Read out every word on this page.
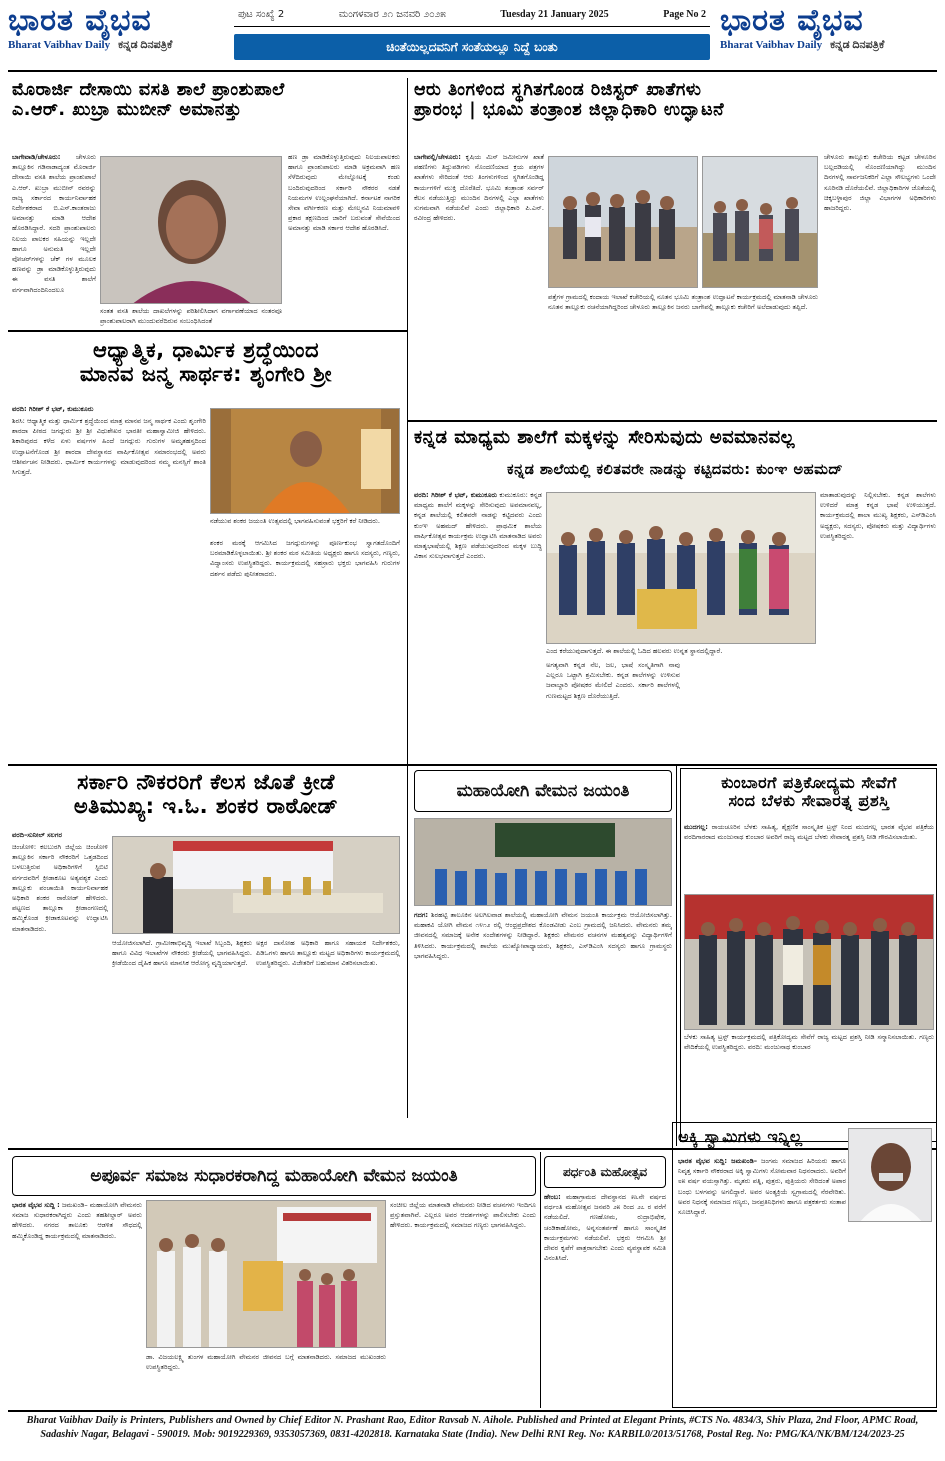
ಭಾರತ ವೈಭವ
Bharat Vaibhav Daily ಕನ್ನಡ ದಿನಪತ್ರಿಕೆ
ಪುಟ ಸಂಖ್ಯೆ 2	ಮಂಗಳವಾರ ೨೧ ಜನವರಿ ೨೦೨೫	Tuesday 21 January 2025	Page No 2
ಚಿಂತೆಯಿಲ್ಲದವನಿಗೆ ಸಂತೆಯಲ್ಲೂ ನಿದ್ದೆ ಬಂತು
ಭಾರತ ವೈಭವ
Bharat Vaibhav Daily ಕನ್ನಡ ದಿನಪತ್ರಿಕೆ
ಮೊರಾರ್ಜಿ ದೇಸಾಯಿ ವಸತಿ ಶಾಲೆ ಪ್ರಾಂಶುಪಾಲೆ
ಎ.ಆರ್. ಖುಬ್ರಾ ಮುಬೀನ್ ಅಮಾನತ್ತು
ಬಾಗೇವಾಡಿ/ಚೇಳೂರು: ಚೇಳೂರು ತಾಲ್ಲೂಕಿನ ಗಡಿನಾಡಾದ್ಯಂತ ಮೊರಾರ್ಜಿ ದೇಸಾಯಿ ವಸತಿ ಶಾಲೆಯ ಪ್ರಾಂಶುಪಾಲೆ ಎ.ಆರ್. ಖುಬ್ರಾ ಮುಬೀನ್ ರವರನ್ನು ರಾಜ್ಯ ಸರ್ಕಾರದ ಕಾರ್ಯನಿರ್ವಾಹಕ ನಿರ್ದೇಶಕರಾದ ಬಿ.ಎಸ್.ಕಾಂತರಾಜು ಅಮಾನತ್ತು ಮಾಡಿ ಆದೇಶ ಹೊರಡಿಸಿದ್ದಾರೆ. ಸದರಿ ಪ್ರಾಂಶುಪಾಲರು ನಿಲಯ ಪಾಲಕರ ಸಹಿಯನ್ನು ಇಲ್ಲದೇ ಹಾಗೂ ಅನುಮತಿ ಇಲ್ಲದೇ ವೋಚರ್‌ಗಳನ್ನು ಚೆಕ್ ಗಳ ಮೂಲಕ ಹಣವನ್ನು ಡ್ರಾ ಮಾಡಿಕೊಳ್ಳುತ್ತಿರುವುದು ಈ ವಸತಿ ಶಾಲೆಗೆ ವರ್ಗವಾಗಿದಂದಿನಿಂದಲೂ
ಸಂತತ ವಸತಿ ಶಾಲೆಯ ದಾಖಲೆಗಳನ್ನು ಪರಿಶೀಲಿಸಿದಾಗ ವರ್ಗಾವಣೆಯಾದ ನಂತರವೂ ಪ್ರಾಂಶುಪಾಲರಾಗಿ ಮುಂದುವರೆದಿರುವ ಸಂಬಂಧಿಸಿದಂತೆ
ಹಣ ಡ್ರಾ ಮಾಡಿಕೊಳ್ಳುತ್ತಿರುವುದು ನಿಲಯಪಾಲಕರು ಹಾಗೂ ಪ್ರಾಂಶುಪಾಲರು ಮಾಡಿ ಅಕ್ರಮವಾಗಿ ಹಣ ಸೆಳೆದಿರುವುದು ಮೇಲ್ನೋಟಕ್ಕೆ ಕಂಡು ಬಂದಿರುವುದರಿಂದ ಸರ್ಕಾರಿ ನೌಕರರ ನಡತೆ ನಿಯಮಗಳ ಉಲ್ಲಂಘನೆಯಾಗಿದೆ. ಕರ್ನಾಟಕ ನಾಗರಿಕ ಸೇವಾ ವರ್ಗೀಕರಣ ಮತ್ತು ಮೇಲ್ಮನವಿ ನಿಯಮಾವಳಿ ಪ್ರಕಾರ ತಕ್ಷಣದಿಂದ ಜಾರಿಗೆ ಬರುವಂತೆ ಸೇವೆಯಿಂದ ಅಮಾನತ್ತು ಮಾಡಿ ಸರ್ಕಾರ ಆದೇಶ ಹೊರಡಿಸಿದೆ.
ಆರು ತಿಂಗಳಿಂದ ಸ್ಥಗಿತಗೊಂಡ ರಿಜಿಸ್ಟರ್ ಖಾತೆಗಳು
ಪ್ರಾರಂಭ | ಭೂಮಿ ತಂತ್ರಾಂಶ ಜಿಲ್ಲಾಧಿಕಾರಿ ಉದ್ಘಾಟನೆ
ಬಾಗೇಪಲ್ಲಿ/ಚೇಳೂರು: ಕೃಷಿಯ ಮಿಸ್ ಜಮೀನುಗಳ ಖಾತೆ ಪಹಣಿಗಳು ತಿದ್ದುಪಡಿಗಳು ನೊಂದಣಿಯಾದ ಕ್ರಯ ಪತ್ರಗಳ ಖಾತೆಗಳು ಸೇರಿದಂತೆ ಆರು ತಿಂಗಳುಗಳಿಂದ ಸ್ಥಗಿತಗೊಂಡಿದ್ದ ಕಾರ್ಯಗಳಿಗೆ ಮುಕ್ತಿ ದೊರೆತಿದೆ. ಭೂಮಿ ತಂತ್ರಾಂಶ ಸರ್ವರ್ ಕೆಲಸ ನಡೆಯುತ್ತಿದ್ದು ಮುಂದಿನ ದಿನಗಳಲ್ಲಿ ಎಲ್ಲಾ ಖಾತೆಗಳು ಸುಗಮವಾಗಿ ನಡೆಯಲಿವೆ ಎಂದು ಜಿಲ್ಲಾಧಿಕಾರಿ ಪಿ.ಎನ್. ರವೀಂದ್ರ ಹೇಳಿದರು.
ಪತ್ತೆಗಳ ಗ್ರಾಮದಲ್ಲಿ ಕಂದಾಯ ಇಲಾಖೆ ಕಚೇರಿಯಲ್ಲಿ ನೂತನ ಭೂಮಿ ತಂತ್ರಾಂಶ ಉದ್ಘಾಟನೆ ಕಾರ್ಯಕ್ರಮದಲ್ಲಿ ಮಾತನಾಡಿ ಚೇಳೂರು ನೂತನ ತಾಲ್ಲೂಕು ರಚನೆಯಾಗಿದ್ದರಿಂದ ಚೇಳೂರು ತಾಲ್ಲೂಕಿನ ಜನರು ಬಾಗೇಪಲ್ಲಿ ತಾಲ್ಲೂಕು ಕಚೇರಿಗೆ ಅಲೆದಾಡುವುದು ತಪ್ಪಿದೆ.
ಚೇಳೂರು ತಾಲ್ಲೂಕು ಕಚೇರಿಯ ಕಟ್ಟಡ ಚೇಳೂರಿನ ಬಲ್ಲದಡಿಯಲ್ಲಿ ನೊಂದಣಿಯಾಗಿದ್ದು ಮುಂದಿನ ದಿನಗಳಲ್ಲಿ ಸಾರ್ವಜನಿಕರಿಗೆ ಎಲ್ಲಾ ಸೌಲಭ್ಯಗಳು ಒಂದೇ ಸೂರಿನಡಿ ದೊರೆಯಲಿವೆ. ಜಿಲ್ಲಾಧಿಕಾರಿಗಳ ಜೊತೆಯಲ್ಲಿ ಚಿಕ್ಕಬಳ್ಳಾಪುರ ಜಿಲ್ಲಾ ವಿಭಾಗಗಳ ಅಧಿಕಾರಿಗಳು ಹಾಜರಿದ್ದರು.
ಆಧ್ಯಾತ್ಮಿಕ, ಧಾರ್ಮಿಕ ಶ್ರದ್ಧೆಯಿಂದ
ಮಾನವ ಜನ್ಮ ಸಾರ್ಥಕ: ಶೃಂಗೇರಿ ಶ್ರೀ
ವರದಿ: ಗಿರೀಶ್ ಕೆ ಭಟ್, ಕುಮುಕೂರು
ಶಿರಸಿ: ಆಧ್ಯಾತ್ಮಿಕ ಮತ್ತು ಧಾರ್ಮಿಕ ಶ್ರದ್ಧೆಯಿಂದ ಮಾತ್ರ ಮಾನವ ಜನ್ಮ ಸಾರ್ಥಕ ಎಂದು ಶೃಂಗೇರಿ ಶಾರದಾ ಪೀಠದ ಜಗದ್ಗುರು ಶ್ರೀ ಶ್ರೀ ವಿಧುಶೇಖರ ಭಾರತೀ ಮಹಾಸ್ವಾಮೀಜಿ ಹೇಳಿದರು. ಶಿಕಾರಿಪುರದ ಕಳೆದ ಏಳು ವರ್ಷಗಳ ಹಿಂದೆ ಜಗದ್ಗುರು ಗುರುಗಳ ಅಮೃತಹಸ್ತದಿಂದ ಉದ್ಘಾಟನೆಗೊಂಡ ಶ್ರೀ ಶಾರದಾ ದೇವಸ್ಥಾನದ ವಾರ್ಷಿಕೋತ್ಸವ ಸಮಾರಂಭದಲ್ಲಿ ಅವರು ಆಶೀರ್ವಚನ ನೀಡಿದರು. ಧಾರ್ಮಿಕ ಕಾರ್ಯಗಳನ್ನು ಮಾಡುವುದರಿಂದ ನಮ್ಮ ಮನಸ್ಸಿಗೆ ಶಾಂತಿ ಸಿಗುತ್ತದೆ.
ನಡೆಯುವ ಶಂಕರ ಜಯಂತಿ ಉತ್ಸವದಲ್ಲಿ ಭಾಗವಹಿಸುವಂತೆ ಭಕ್ತರಿಗೆ ಕರೆ ನೀಡಿದರು.
ಶಂಕರ ಮಠಕ್ಕೆ ಆಗಮಿಸಿದ ಜಗದ್ಗುರುಗಳನ್ನು ಪೂರ್ಣಕುಂಭ ಸ್ವಾಗತದೊಂದಿಗೆ ಬರಮಾಡಿಕೊಳ್ಳಲಾಯಿತು. ಶ್ರೀ ಶಂಕರ ಮಠ ಸಮಿತಿಯ ಅಧ್ಯಕ್ಷರು ಹಾಗೂ ಸದಸ್ಯರು, ಗಣ್ಯರು, ವಿದ್ವಾಂಸರು ಉಪಸ್ಥಿತರಿದ್ದರು. ಕಾರ್ಯಕ್ರಮದಲ್ಲಿ ಸಹಸ್ರಾರು ಭಕ್ತರು ಭಾಗವಹಿಸಿ ಗುರುಗಳ ದರ್ಶನ ಪಡೆದು ಪುನೀತರಾದರು.
ಕನ್ನಡ ಮಾಧ್ಯಮ ಶಾಲೆಗೆ ಮಕ್ಕಳನ್ನು ಸೇರಿಸುವುದು ಅವಮಾನವಲ್ಲ
ಕನ್ನಡ ಶಾಲೆಯಲ್ಲಿ ಕಲಿತವರೇ ನಾಡನ್ನು ಕಟ್ಟಿದವರು: ಕುಂಞ ಅಹಮದ್
ವರದಿ: ಗಿರೀಶ್ ಕೆ ಭಟ್, ಕುಮುಕೂರು ಕುಮುಕೂರು: ಕನ್ನಡ ಮಾಧ್ಯಮ ಶಾಲೆಗೆ ಮಕ್ಕಳನ್ನು ಸೇರಿಸುವುದು ಅವಮಾನವಲ್ಲ, ಕನ್ನಡ ಶಾಲೆಯಲ್ಲಿ ಕಲಿತವರೇ ನಾಡನ್ನು ಕಟ್ಟಿದವರು ಎಂದು ಕುಂಞ ಅಹಮದ್ ಹೇಳಿದರು. ಪ್ರಾಥಮಿಕ ಶಾಲೆಯ ವಾರ್ಷಿಕೋತ್ಸವ ಕಾರ್ಯಕ್ರಮ ಉದ್ಘಾಟಿಸಿ ಮಾತನಾಡಿದ ಅವರು ಮಾತೃಭಾಷೆಯಲ್ಲಿ ಶಿಕ್ಷಣ ಪಡೆಯುವುದರಿಂದ ಮಕ್ಕಳ ಬುದ್ಧಿ ವಿಕಾಸ ಸುಲಭವಾಗುತ್ತದೆ ಎಂದರು.
ಎಂದ ಕರೆಯುವುದಾಗುತ್ತದೆ. ಈ ಶಾಲೆಯಲ್ಲಿ ಓದಿದ ಹಲವರು ಉನ್ನತ ಸ್ಥಾನದಲ್ಲಿದ್ದಾರೆ.
ಅಗತ್ಯವಾಗಿ ಕನ್ನಡ ನೆಲ, ಜಲ, ಭಾಷೆ ಸಂಸ್ಕೃತಿಗಾಗಿ ನಾವು ಎಲ್ಲರೂ ಒಟ್ಟಾಗಿ ಶ್ರಮಿಸಬೇಕು. ಕನ್ನಡ ಶಾಲೆಗಳನ್ನು ಉಳಿಸುವ ಜವಾಬ್ದಾರಿ ಪೋಷಕರ ಮೇಲಿದೆ ಎಂದರು. ಸರ್ಕಾರಿ ಶಾಲೆಗಳಲ್ಲಿ ಗುಣಮಟ್ಟದ ಶಿಕ್ಷಣ ದೊರೆಯುತ್ತಿದೆ.
ಮಾತಾಡುವುದನ್ನು ನಿಲ್ಲಿಸಬೇಕು. ಕನ್ನಡ ಶಾಲೆಗಳು ಉಳಿದರೆ ಮಾತ್ರ ಕನ್ನಡ ಭಾಷೆ ಉಳಿಯುತ್ತದೆ. ಕಾರ್ಯಕ್ರಮದಲ್ಲಿ ಶಾಲಾ ಮುಖ್ಯ ಶಿಕ್ಷಕರು, ಎಸ್‌ಡಿಎಂಸಿ ಅಧ್ಯಕ್ಷರು, ಸದಸ್ಯರು, ಪೋಷಕರು ಮತ್ತು ವಿದ್ಯಾರ್ಥಿಗಳು ಉಪಸ್ಥಿತರಿದ್ದರು.
ಸರ್ಕಾರಿ ನೌಕರರಿಗೆ ಕೆಲಸ ಜೊತೆ ಕ್ರೀಡೆ
ಅತಿಮುಖ್ಯ: ಇ.ಓ. ಶಂಕರ ರಾಠೋಡ್
ವರದಿ–ಸುನೀಲ್ ಸಲಗರ
ಚಿಂಚೋಳಿ: ಕಲಬುರಗಿ ಜಿಲ್ಲೆಯ ಚಿಂಚೋಳಿ ತಾಲ್ಲೂಕಿನ ಸರ್ಕಾರಿ ನೌಕರರಿಗೆ ಒತ್ತಡದಿಂದ ಬಳಲುತ್ತಿರುವ ಅಧಿಕಾರಿಗಳಿಗೆ ಸ್ಟಿಬಿಟಿ ವರ್ಗದವರಿಗೆ ಕ್ರೀಡಾಕೂಟ ಅತ್ಯವಶ್ಯಕ ಎಂದು ತಾಲ್ಲೂಕು ಪಂಚಾಯಿತಿ ಕಾರ್ಯನಿರ್ವಾಹಕ ಅಧಿಕಾರಿ ಶಂಕರ ರಾಠೋಡ್ ಹೇಳಿದರು. ಪಟ್ಟಣದ ತಾಲ್ಲೂಕಾ ಕ್ರೀಡಾಂಗಣದಲ್ಲಿ ಹಮ್ಮಿಕೊಂಡ ಕ್ರೀಡಾಕೂಟವನ್ನು ಉದ್ಘಾಟಿಸಿ ಮಾತನಾಡಿದರು.
ಆಯೋಜಿಸಲಾಗಿದೆ. ಗ್ರಾಮೀಣಾಭಿವೃದ್ಧಿ ಇಲಾಖೆ ಸಿಬ್ಬಂದಿ, ಶಿಕ್ಷಕರು ಹಾಗೂ ವಿವಿಧ ಇಲಾಖೆಗಳ ನೌಕರರು ಕ್ರೀಡೆಯಲ್ಲಿ ಭಾಗವಹಿಸಿದ್ದರು. ಕ್ರೀಡೆಯಿಂದ ದೈಹಿಕ ಹಾಗೂ ಮಾನಸಿಕ ಆರೋಗ್ಯ ವೃದ್ಧಿಯಾಗುತ್ತದೆ.
ಅಕ್ಷರ ದಾಸೋಹ ಅಧಿಕಾರಿ ಹಾಗೂ ಸಹಾಯಕ ನಿರ್ದೇಶಕರು, ಪಿಡಿಒಗಳು ಹಾಗೂ ತಾಲ್ಲೂಕು ಮಟ್ಟದ ಅಧಿಕಾರಿಗಳು ಕಾರ್ಯಕ್ರಮದಲ್ಲಿ ಉಪಸ್ಥಿತರಿದ್ದರು. ವಿಜೇತರಿಗೆ ಬಹುಮಾನ ವಿತರಿಸಲಾಯಿತು.
ಮಹಾಯೋಗಿ ವೇಮನ ಜಯಂತಿ
ಗದಗ: ಶಿರಹಟ್ಟಿ ತಾಲೂಕಿನ ಅಲಗಿಲವಾಡ ಶಾಲೆಯಲ್ಲಿ ಮಹಾಯೋಗಿ ವೇಮನ ಜಯಂತಿ ಕಾರ್ಯಕ್ರಮ ಆಯೋಜಿಸಲಾಗಿತ್ತು. ಮಹಾಕವಿ ಯೋಗಿ ವೇಮನ ೧೪೧೨ ರಲ್ಲಿ ಆಂಧ್ರಪ್ರದೇಶದ ಕೊಂಡವೀಡು ಎಂಬ ಗ್ರಾಮದಲ್ಲಿ ಜನಿಸಿದರು. ವೇಮನರು ತಮ್ಮ ಜೀವನದಲ್ಲಿ ಸಮಾಜಕ್ಕೆ ಅನೇಕ ಸಂದೇಶಗಳನ್ನು ನೀಡಿದ್ದಾರೆ. ಶಿಕ್ಷಕರು ವೇಮನರ ವಚನಗಳ ಮಹತ್ವವನ್ನು ವಿದ್ಯಾರ್ಥಿಗಳಿಗೆ ತಿಳಿಸಿದರು. ಕಾರ್ಯಕ್ರಮದಲ್ಲಿ ಶಾಲೆಯ ಮುಖ್ಯೋಪಾಧ್ಯಾಯರು, ಶಿಕ್ಷಕರು, ಎಸ್‌ಡಿಎಂಸಿ ಸದಸ್ಯರು ಹಾಗೂ ಗ್ರಾಮಸ್ಥರು ಭಾಗವಹಿಸಿದ್ದರು.
ಕುಂಬಾರಗೆ ಪತ್ರಿಕೋದ್ಯಮ ಸೇವೆಗೆ
ಸಂದ ಬೆಳಕು ಸೇವಾರತ್ನ ಪ್ರಶಸ್ತಿ
ಮುದಗಲ್ಲ: ರಾಯಚೂರಿನ ಬೆಳಕು ಸಾಹಿತ್ಯ, ಶೈಕ್ಷಣಿಕ ಸಾಂಸ್ಕೃತಿಕ ಟ್ರಸ್ಟ್ ನಿಂದ ಮುದಗಲ್ಲ ಭಾರತ ವೈಭವ ಪತ್ರಿಕೆಯ ವರದಿಗಾರರಾದ ಮಂಜುನಾಥ ಕುಂಬಾರ ಅವರಿಗೆ ರಾಜ್ಯ ಮಟ್ಟದ ಬೆಳಕು ಸೇವಾರತ್ನ ಪ್ರಶಸ್ತಿ ನೀಡಿ ಗೌರವಿಸಲಾಯಿತು.
ಬೆಳಕು ಸಾಹಿತ್ಯ ಟ್ರಸ್ಟ್ ಕಾರ್ಯಕ್ರಮದಲ್ಲಿ ಪತ್ರಿಕೋದ್ಯಮ ಸೇವೆಗೆ ರಾಜ್ಯ ಮಟ್ಟದ ಪ್ರಶಸ್ತಿ ನೀಡಿ ಸನ್ಮಾನಿಸಲಾಯಿತು. ಗಣ್ಯರು ವೇದಿಕೆಯಲ್ಲಿ ಉಪಸ್ಥಿತರಿದ್ದರು. ವರದಿ: ಮಂಜುನಾಥ ಕುಂಬಾರ
ಅಪೂರ್ವ ಸಮಾಜ ಸುಧಾರಕರಾಗಿದ್ದ ಮಹಾಯೋಗಿ ವೇಮನ ಜಯಂತಿ
ಭಾರತ ವೈಭವ ಸುದ್ದಿ : ಜಮಖಂಡಿ– ಮಹಾಯೋಗಿ ವೇಮನರು ಸಮಾಜ ಸುಧಾರಕರಾಗಿದ್ದರು ಎಂದು ತಹಶೀಲ್ದಾರ್ ಅವರು ಹೇಳಿದರು. ನಗರದ ತಾಲೂಕು ಆಡಳಿತ ಸೌಧದಲ್ಲಿ ಹಮ್ಮಿಕೊಂಡಿದ್ದ ಕಾರ್ಯಕ್ರಮದಲ್ಲಿ ಮಾತನಾಡಿದರು.
ಡಾ. ವಿಜಯಲಕ್ಷ್ಮಿ ತುಂಗಳ ಮಹಾಯೋಗಿ ವೇಮನರ ಜೀವನದ ಬಗ್ಗೆ ಮಾತನಾಡಿದರು. ಸಮಾಜದ ಮುಖಂಡರು ಉಪಸ್ಥಿತರಿದ್ದರು.
ಸಂಚೀಲ ಜಿಲ್ಲೆಯ ಮಾತನಾಡಿ ವೇಮನರು ನೀಡಿದ ವಚನಗಳು ಇಂದಿಗೂ ಪ್ರಸ್ತುತವಾಗಿವೆ. ಎಲ್ಲರೂ ಅವರ ಆದರ್ಶಗಳನ್ನು ಪಾಲಿಸಬೇಕು ಎಂದು ಹೇಳಿದರು. ಕಾರ್ಯಕ್ರಮದಲ್ಲಿ ಸಮಾಜದ ಗಣ್ಯರು ಭಾಗವಹಿಸಿದ್ದರು.
ಪರ್ಧಂತಿ ಮಹೋತ್ಸವ
ಹೇಂಬ: ಮಹಾಗ್ರಾಮದ ದೇವಸ್ಥಾನದ ೫೬ನೇ ವರ್ಷದ ವರ್ಧಂತಿ ಮಹೋತ್ಸವ ಜನವರಿ ೨೫ ರಿಂದ ೨೭ ರ ವರೆಗೆ ನಡೆಯಲಿದೆ. ಗಣಹೋಮ, ರುದ್ರಾಭಿಷೇಕ, ಚಂಡಿಕಾಹೋಮ, ಅನ್ನಸಂತರ್ಪಣೆ ಹಾಗೂ ಸಾಂಸ್ಕೃತಿಕ ಕಾರ್ಯಕ್ರಮಗಳು ನಡೆಯಲಿವೆ. ಭಕ್ತರು ಆಗಮಿಸಿ ಶ್ರೀ ದೇವರ ಕೃಪೆಗೆ ಪಾತ್ರರಾಗಬೇಕು ಎಂದು ವ್ಯವಸ್ಥಾಪಕ ಸಮಿತಿ ವಿನಂತಿಸಿದೆ.
ಅಕ್ಕಿ ಸ್ವಾಮಿಗಳು ಇನ್ನಿಲ್ಲ
ಭಾರತ ವೈಭವ ಸುದ್ದಿ: ಜಮಖಂಡಿ– ಜಂಗಮ ಸಮಾಜದ ಹಿರಿಯರು ಹಾಗೂ ನಿವೃತ್ತ ಸರ್ಕಾರಿ ನೌಕರರಾದ ಅಕ್ಕಿ ಸ್ವಾಮಿಗಳು ಸೋಮವಾರ ನಿಧನರಾದರು. ಅವರಿಗೆ ೮೫ ವರ್ಷ ವಯಸ್ಸಾಗಿತ್ತು. ಮೃತರು ಪತ್ನಿ, ಪುತ್ರರು, ಪುತ್ರಿಯರು ಸೇರಿದಂತೆ ಅಪಾರ ಬಂಧು ಬಳಗವನ್ನು ಅಗಲಿದ್ದಾರೆ. ಅವರ ಅಂತ್ಯಕ್ರಿಯೆ ಸ್ವಗ್ರಾಮದಲ್ಲಿ ನೆರವೇರಿತು. ಅವರ ನಿಧನಕ್ಕೆ ಸಮಾಜದ ಗಣ್ಯರು, ಜನಪ್ರತಿನಿಧಿಗಳು ಹಾಗೂ ಪತ್ರಕರ್ತರು ಸಂತಾಪ ಸೂಚಿಸಿದ್ದಾರೆ.
Bharat Vaibhav Daily is Printers, Publishers and Owned by Chief Editor N. Prashant Rao, Editor Ravsab N. Aihole. Published and Printed at Elegant Prints, #CTS No. 4834/3, Shiv Plaza, 2nd Floor, APMC Road,
Sadashiv Nagar, Belagavi - 590019. Mob: 9019229369, 9353057369, 0831-4202818. Karnataka State (India). New Delhi RNI Reg. No: KARBIL0/2013/51768, Postal Reg. No: PMG/KA/NK/BM/124/2023-25
